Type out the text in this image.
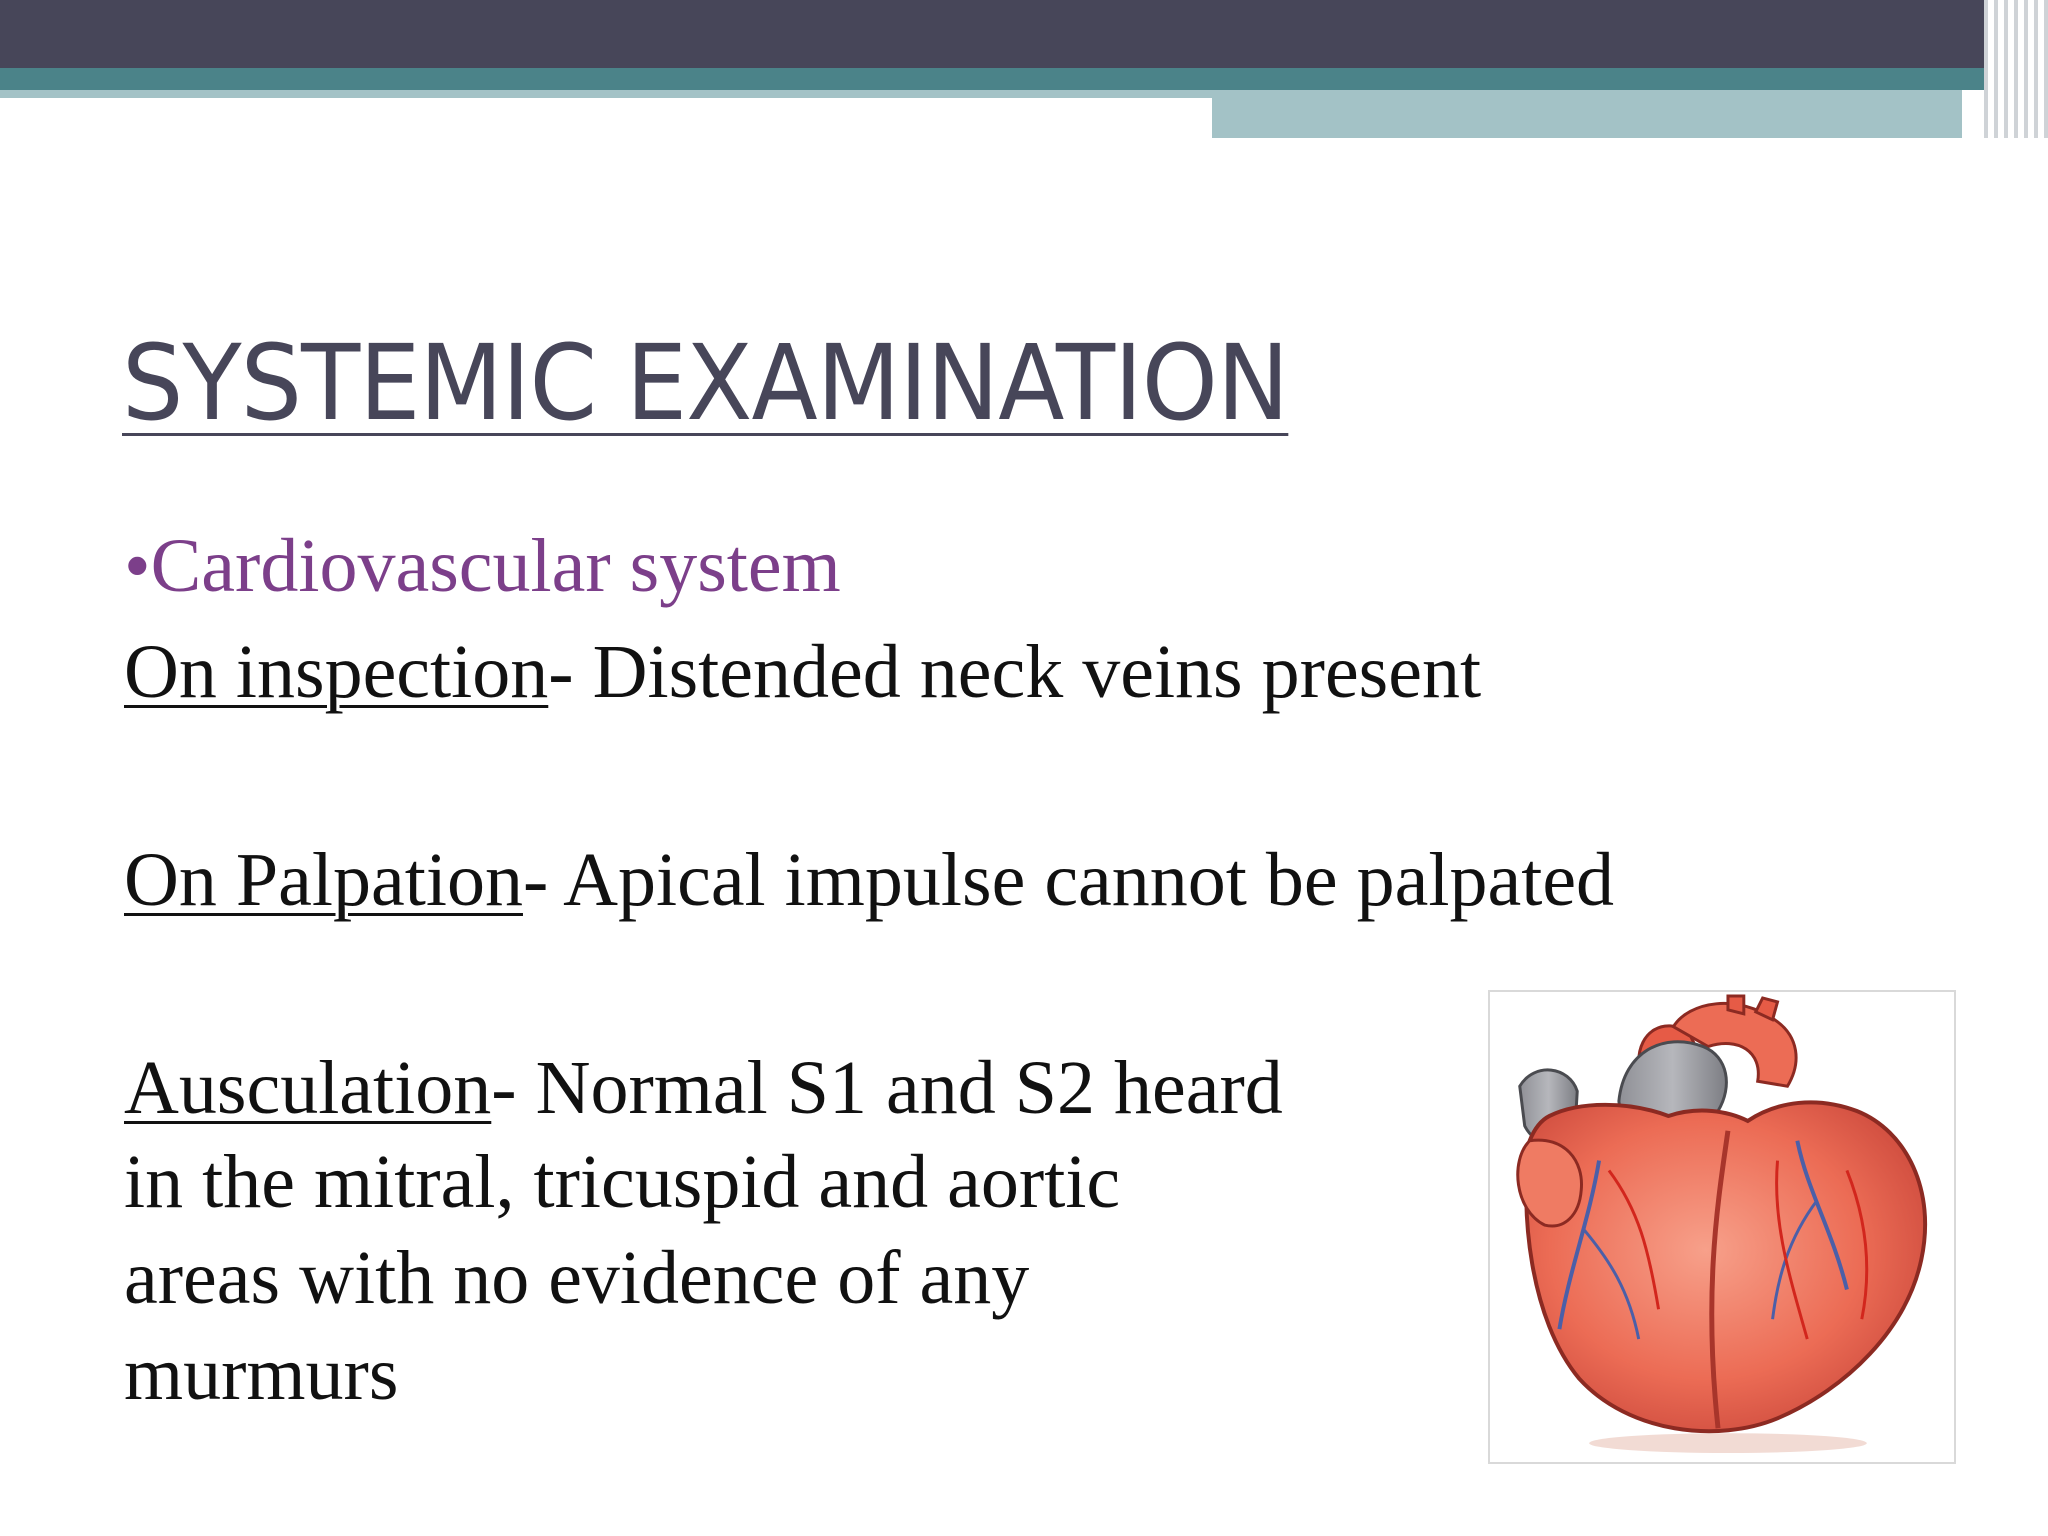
SYSTEMIC EXAMINATION

•Cardiovascular system

On inspection- Distended neck veins present

On Palpation- Apical impulse cannot be palpated

Ausculation- Normal S1 and S2 heard

in the mitral, tricuspid and aortic

areas with no evidence of any

murmurs
